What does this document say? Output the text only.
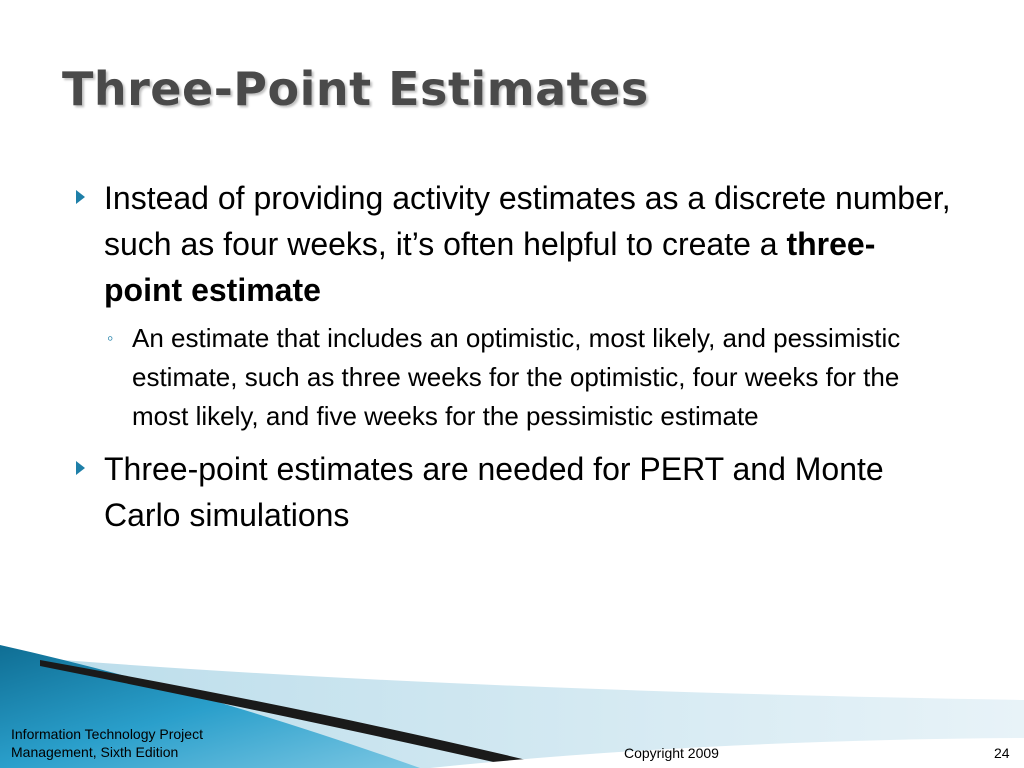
Three-Point Estimates
Instead of providing activity estimates as a discrete number, such as four weeks, it’s often helpful to create a three-point estimate
◦ An estimate that includes an optimistic, most likely, and pessimistic estimate, such as three weeks for the optimistic, four weeks for the most likely, and five weeks for the pessimistic estimate
Three-point estimates are needed for PERT and Monte Carlo simulations
Information Technology Project
Management, Sixth Edition	Copyright 2009	24
